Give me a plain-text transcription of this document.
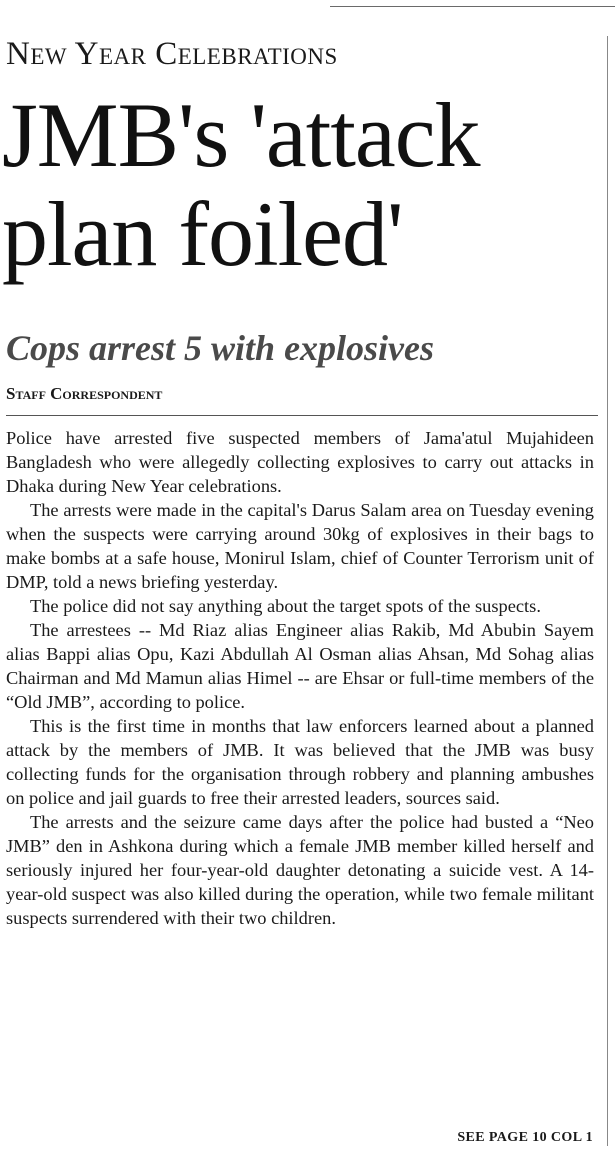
New Year Celebrations
JMB's 'attack
plan foiled'
Cops arrest 5 with explosives
Staff Correspondent

Police have arrested five suspected members of Jama'atul Mujahideen Bangladesh who were allegedly collecting explosives to carry out attacks in Dhaka during New Year celebrations.

The arrests were made in the capital's Darus Salam area on Tuesday evening when the suspects were carrying around 30kg of explosives in their bags to make bombs at a safe house, Monirul Islam, chief of Counter Terrorism unit of DMP, told a news briefing yesterday.

The police did not say anything about the target spots of the suspects.

The arrestees -- Md Riaz alias Engineer alias Rakib, Md Abubin Sayem alias Bappi alias Opu, Kazi Abdullah Al Osman alias Ahsan, Md Sohag alias Chairman and Md Mamun alias Himel -- are Ehsar or full-time members of the “Old JMB”, according to police.

This is the first time in months that law enforcers learned about a planned attack by the members of JMB. It was believed that the JMB was busy collecting funds for the organisation through robbery and planning ambushes on police and jail guards to free their arrested leaders, sources said.

The arrests and the seizure came days after the police had busted a “Neo JMB” den in Ashkona during which a female JMB member killed herself and seriously injured her four-year-old daughter detonating a suicide vest. A 14-year-old suspect was also killed during the operation, while two female militant suspects surrendered with their two children.

SEE PAGE 10 COL 1
